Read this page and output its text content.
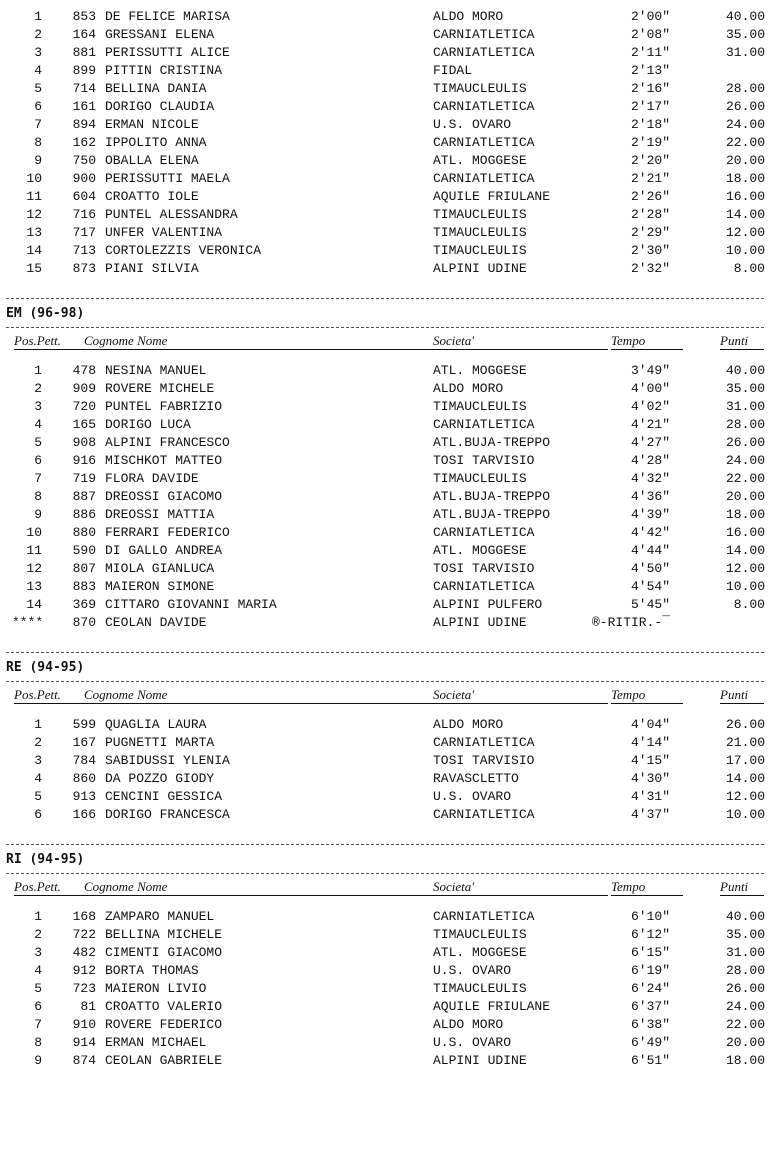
1	853 DE FELICE MARISA	ALDO MORO	2'00"	40.00
2	164 GRESSANI ELENA	CARNIATLETICA	2'08"	35.00
3	881 PERISSUTTI ALICE	CARNIATLETICA	2'11"	31.00
4	899 PITTIN CRISTINA	FIDAL	2'13"
5	714 BELLINA DANIA	TIMAUCLEULIS	2'16"	28.00
6	161 DORIGO CLAUDIA	CARNIATLETICA	2'17"	26.00
7	894 ERMAN NICOLE	U.S. OVARO	2'18"	24.00
8	162 IPPOLITO ANNA	CARNIATLETICA	2'19"	22.00
9	750 OBALLA ELENA	ATL. MOGGESE	2'20"	20.00
10	900 PERISSUTTI MAELA	CARNIATLETICA	2'21"	18.00
11	604 CROATTO IOLE	AQUILE FRIULANE	2'26"	16.00
12	716 PUNTEL ALESSANDRA	TIMAUCLEULIS	2'28"	14.00
13	717 UNFER VALENTINA	TIMAUCLEULIS	2'29"	12.00
14	713 CORTOLEZZIS VERONICA	TIMAUCLEULIS	2'30"	10.00
15	873 PIANI SILVIA	ALPINI UDINE	2'32"	8.00
EM (96-98)
Pos.Pett.	Societa'	Tempo	Punti
Cognome Nome
1	478 NESINA MANUEL	ATL. MOGGESE	3'49"	40.00
2	909 ROVERE MICHELE	ALDO MORO	4'00"	35.00
3	720 PUNTEL FABRIZIO	TIMAUCLEULIS	4'02"	31.00
4	165 DORIGO LUCA	CARNIATLETICA	4'21"	28.00
5	908 ALPINI FRANCESCO	ATL.BUJA-TREPPO	4'27"	26.00
6	916 MISCHKOT MATTEO	TOSI TARVISIO	4'28"	24.00
7	719 FLORA DAVIDE	TIMAUCLEULIS	4'32"	22.00
8	887 DREOSSI GIACOMO	ATL.BUJA-TREPPO	4'36"	20.00
9	886 DREOSSI MATTIA	ATL.BUJA-TREPPO	4'39"	18.00
10	880 FERRARI FEDERICO	CARNIATLETICA	4'42"	16.00
11	590 DI GALLO ANDREA	ATL. MOGGESE	4'44"	14.00
12	807 MIOLA GIANLUCA	TOSI TARVISIO	4'50"	12.00
13	883 MAIERON SIMONE	CARNIATLETICA	4'54"	10.00
14	369 CITTARO GIOVANNI MARIA	ALPINI PULFERO	5'45"	8.00
****	870 CEOLAN DAVIDE	ALPINI UDINE	®-RITIR.-¯
RE (94-95)
Pos.Pett.	Societa'	Tempo	Punti
Cognome Nome
1	599 QUAGLIA LAURA	ALDO MORO	4'04"	26.00
2	167 PUGNETTI MARTA	CARNIATLETICA	4'14"	21.00
3	784 SABIDUSSI YLENIA	TOSI TARVISIO	4'15"	17.00
4	860 DA POZZO GIODY	RAVASCLETTO	4'30"	14.00
5	913 CENCINI GESSICA	U.S. OVARO	4'31"	12.00
6	166 DORIGO FRANCESCA	CARNIATLETICA	4'37"	10.00
RI (94-95)
Pos.Pett.	Societa'	Tempo	Punti
Cognome Nome
1	168 ZAMPARO MANUEL	CARNIATLETICA	6'10"	40.00
2	722 BELLINA MICHELE	TIMAUCLEULIS	6'12"	35.00
3	482 CIMENTI GIACOMO	ATL. MOGGESE	6'15"	31.00
4	912 BORTA THOMAS	U.S. OVARO	6'19"	28.00
5	723 MAIERON LIVIO	TIMAUCLEULIS	6'24"	26.00
6	81 CROATTO VALERIO	AQUILE FRIULANE	6'37"	24.00
7	910 ROVERE FEDERICO	ALDO MORO	6'38"	22.00
8	914 ERMAN MICHAEL	U.S. OVARO	6'49"	20.00
9	874 CEOLAN GABRIELE	ALPINI UDINE	6'51"	18.00
